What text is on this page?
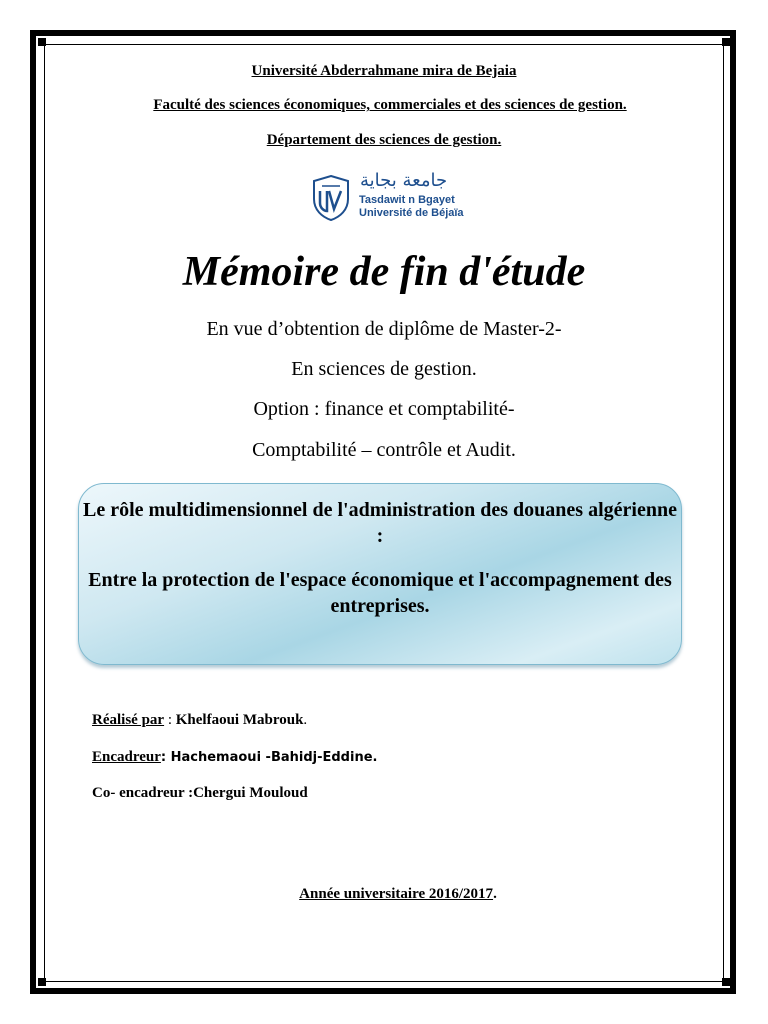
Université Abderrahmane mira de Bejaia
Faculté des sciences économiques, commerciales et des sciences de gestion.
Département des sciences de gestion.
جامعة بجاية
Tasdawit n Bgayet
Université de Béjaïa
Mémoire de fin d'étude
En vue d’obtention de diplôme de Master-2-
En sciences de gestion.
Option : finance et comptabilité-
Comptabilité – contrôle et Audit.
Le rôle multidimensionnel de l'administration des douanes algérienne :
Entre la protection de l'espace économique et l'accompagnement des entreprises.
Réalisé par : Khelfaoui Mabrouk.
Encadreur: Hachemaoui -Bahidj-Eddine.
Co- encadreur :Chergui Mouloud
Année universitaire 2016/2017.
